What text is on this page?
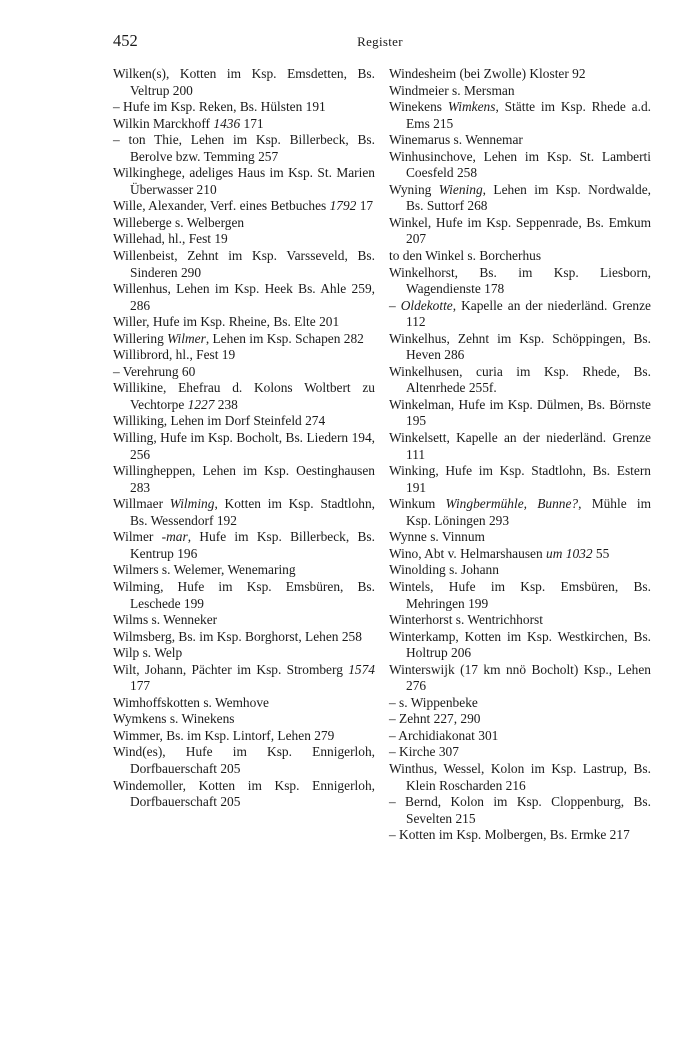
452	Register
Wilken(s), Kotten im Ksp. Emsdetten, Bs. Veltrup 200
– Hufe im Ksp. Reken, Bs. Hülsten 191
Wilkin Marckhoff 1436 171
– ton Thie, Lehen im Ksp. Billerbeck, Bs. Berolve bzw. Temming 257
Wilkinghege, adeliges Haus im Ksp. St. Marien Überwasser 210
Wille, Alexander, Verf. eines Betbuches 1792 17
Willeberge s. Welbergen
Willehad, hl., Fest 19
Willenbeist, Zehnt im Ksp. Varsseveld, Bs. Sinderen 290
Willenhus, Lehen im Ksp. Heek Bs. Ahle 259, 286
Willer, Hufe im Ksp. Rheine, Bs. Elte 201
Willering Wilmer, Lehen im Ksp. Schapen 282
Willibrord, hl., Fest 19
– Verehrung 60
Willikine, Ehefrau d. Kolons Woltbert zu Vechtorpe 1227 238
Williking, Lehen im Dorf Steinfeld 274
Willing, Hufe im Ksp. Bocholt, Bs. Liedern 194, 256
Willingheppen, Lehen im Ksp. Oestinghausen 283
Willmaer Wilming, Kotten im Ksp. Stadtlohn, Bs. Wessendorf 192
Wilmer -mar, Hufe im Ksp. Billerbeck, Bs. Kentrup 196
Wilmers s. Welemer, Wenemaring
Wilming, Hufe im Ksp. Emsbüren, Bs. Leschede 199
Wilms s. Wenneker
Wilmsberg, Bs. im Ksp. Borghorst, Lehen 258
Wilp s. Welp
Wilt, Johann, Pächter im Ksp. Stromberg 1574 177
Wimhoffskotten s. Wemhove
Wymkens s. Winekens
Wimmer, Bs. im Ksp. Lintorf, Lehen 279
Wind(es), Hufe im Ksp. Ennigerloh, Dorfbauerschaft 205
Windemoller, Kotten im Ksp. Ennigerloh, Dorfbauerschaft 205
Windesheim (bei Zwolle) Kloster 92
Windmeier s. Mersman
Winekens Wimkens, Stätte im Ksp. Rhede a.d. Ems 215
Winemarus s. Wennemar
Winhusinchove, Lehen im Ksp. St. Lamberti Coesfeld 258
Wyning Wiening, Lehen im Ksp. Nordwalde, Bs. Suttorf 268
Winkel, Hufe im Ksp. Seppenrade, Bs. Emkum 207
to den Winkel s. Borcherhus
Winkelhorst, Bs. im Ksp. Liesborn, Wagendienste 178
– Oldekotte, Kapelle an der niederländ. Grenze 112
Winkelhus, Zehnt im Ksp. Schöppingen, Bs. Heven 286
Winkelhusen, curia im Ksp. Rhede, Bs. Altenrhede 255f.
Winkelman, Hufe im Ksp. Dülmen, Bs. Börnste 195
Winkelsett, Kapelle an der niederländ. Grenze 111
Winking, Hufe im Ksp. Stadtlohn, Bs. Estern 191
Winkum Wingbermühle, Bunne?, Mühle im Ksp. Löningen 293
Wynne s. Vinnum
Wino, Abt v. Helmarshausen um 1032 55
Winolding s. Johann
Wintels, Hufe im Ksp. Emsbüren, Bs. Mehringen 199
Winterhorst s. Wentrichhorst
Winterkamp, Kotten im Ksp. Westkirchen, Bs. Holtrup 206
Winterswijk (17 km nnö Bocholt) Ksp., Lehen 276
– s. Wippenbeke
– Zehnt 227, 290
– Archidiakonat 301
– Kirche 307
Winthus, Wessel, Kolon im Ksp. Lastrup, Bs. Klein Roscharden 216
– Bernd, Kolon im Ksp. Cloppenburg, Bs. Sevelten 215
– Kotten im Ksp. Molbergen, Bs. Ermke 217
